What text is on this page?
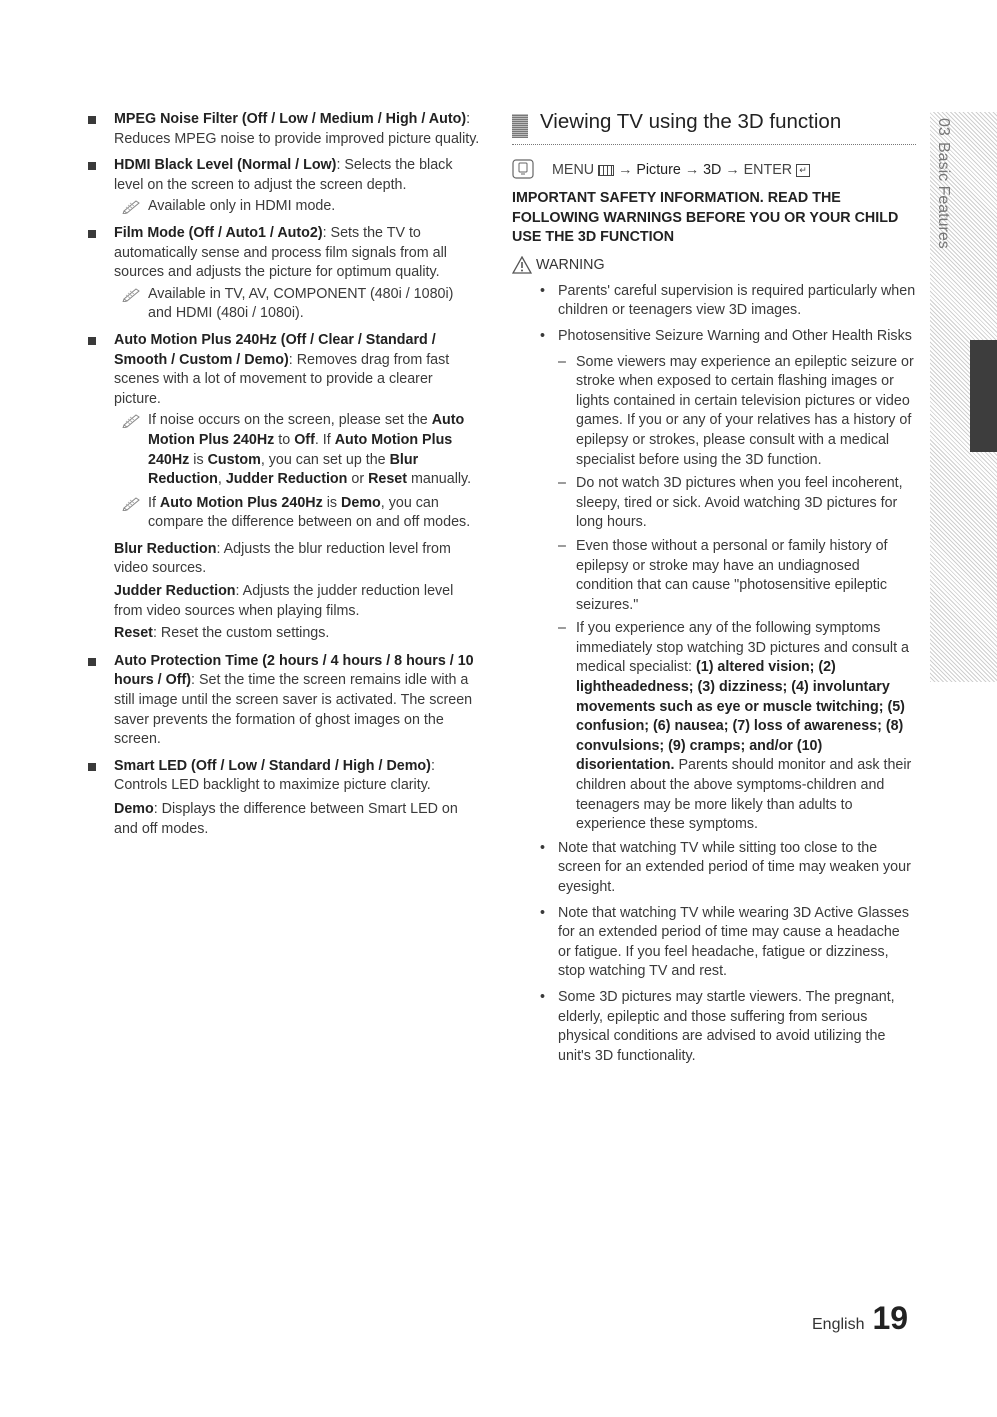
MPEG Noise Filter (Off / Low / Medium / High / Auto): Reduces MPEG noise to provide improved picture quality.

HDMI Black Level (Normal / Low): Selects the black level on the screen to adjust the screen depth.

Available only in HDMI mode.

Film Mode (Off / Auto1 / Auto2): Sets the TV to automatically sense and process film signals from all sources and adjusts the picture for optimum quality.

Available in TV, AV, COMPONENT (480i / 1080i) and HDMI (480i / 1080i).

Auto Motion Plus 240Hz (Off / Clear / Standard / Smooth / Custom / Demo): Removes drag from fast scenes with a lot of movement to provide a clearer picture.

If noise occurs on the screen, please set the Auto Motion Plus 240Hz to Off. If Auto Motion Plus 240Hz is Custom, you can set up the Blur Reduction, Judder Reduction or Reset manually.
If Auto Motion Plus 240Hz is Demo, you can compare the difference between on and off modes.

Blur Reduction: Adjusts the blur reduction level from video sources.

Judder Reduction: Adjusts the judder reduction level from video sources when playing films.

Reset: Reset the custom settings.

Auto Protection Time (2 hours / 4 hours / 8 hours / 10 hours / Off): Set the time the screen remains idle with a still image until the screen saver is activated. The screen saver prevents the formation of ghost images on the screen.

Smart LED (Off / Low / Standard / High / Demo): Controls LED backlight to maximize picture clarity.

Demo: Displays the difference between Smart LED on and off modes.

Viewing TV using the 3D function
MENU  → Picture → 3D → ENTER ↵

IMPORTANT SAFETY INFORMATION. READ THE FOLLOWING WARNINGS BEFORE YOU OR YOUR CHILD USE THE 3D FUNCTION

WARNING
• Parents' careful supervision is required particularly when children or teenagers view 3D images.
• Photosensitive Seizure Warning and Other Health Risks
– Some viewers may experience an epileptic seizure or stroke when exposed to certain flashing images or lights contained in certain television pictures or video games. If you or any of your relatives has a history of epilepsy or strokes, please consult with a medical specialist before using the 3D function.
– Do not watch 3D pictures when you feel incoherent, sleepy, tired or sick. Avoid watching 3D pictures for long hours.
– Even those without a personal or family history of epilepsy or stroke may have an undiagnosed condition that can cause "photosensitive epileptic seizures."
– If you experience any of the following symptoms immediately stop watching 3D pictures and consult a medical specialist: (1) altered vision; (2) lightheadedness; (3) dizziness; (4) involuntary movements such as eye or muscle twitching; (5) confusion; (6) nausea; (7) loss of awareness; (8) convulsions; (9) cramps; and/or (10) disorientation. Parents should monitor and ask their children about the above symptoms-children and teenagers may be more likely than adults to experience these symptoms.
• Note that watching TV while sitting too close to the screen for an extended period of time may weaken your eyesight.
• Note that watching TV while wearing 3D Active Glasses for an extended period of time may cause a headache or fatigue. If you feel headache, fatigue or dizziness, stop watching TV and rest.
• Some 3D pictures may startle viewers. The pregnant, elderly, epileptic and those suffering from serious physical conditions are advised to avoid utilizing the unit's 3D functionality.
03
Basic Features
English 19
